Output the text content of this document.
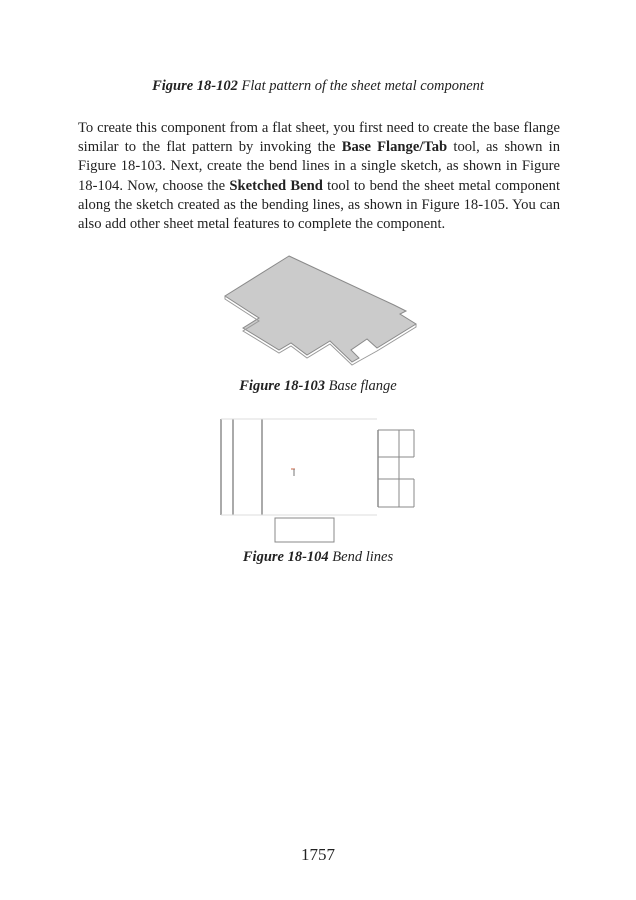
Figure 18-102 Flat pattern of the sheet metal component

To create this component from a flat sheet, you first need to create the base flange similar to the flat pattern by invoking the Base Flange/Tab tool, as shown in Figure 18-103. Next, create the bend lines in a single sketch, as shown in Figure 18-104. Now, choose the Sketched Bend tool to bend the sheet metal component along the sketch created as the bending lines, as shown in Figure 18-105. You can also add other sheet metal features to complete the component.

Figure 18-103 Base flange
Figure 18-104 Bend lines
1757
